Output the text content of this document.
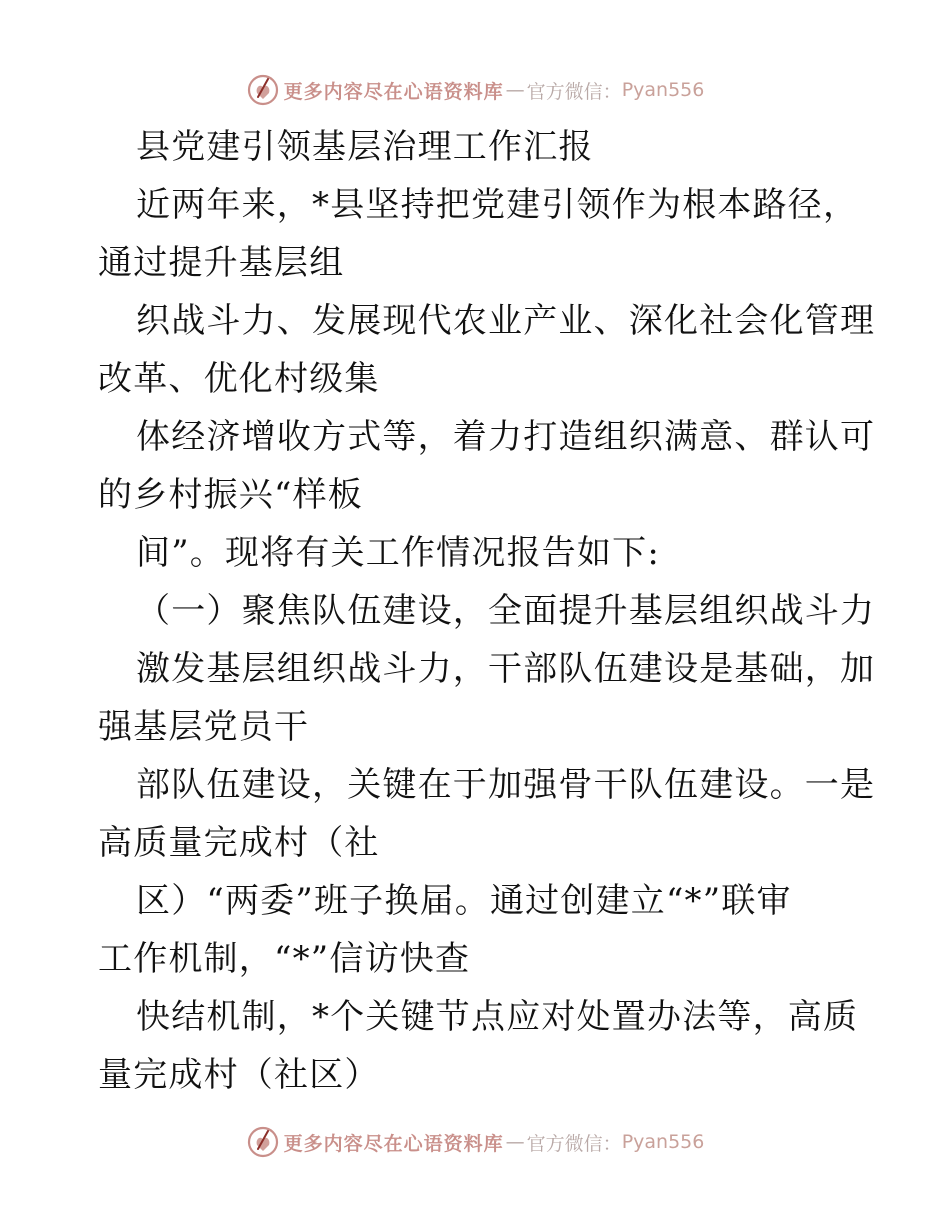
更多内容尽在心语资料库 — 官方微信： Pyan556
县党建引领基层治理工作汇报
近两年来，*县坚持把党建引领作为根本路径，
通过提升基层组
织战斗力、发展现代农业产业、深化社会化管理
改革、优化村级集
体经济增收方式等，着力打造组织满意、群认可
的乡村振兴“样板
间”。现将有关工作情况报告如下:
（一）聚焦队伍建设，全面提升基层组织战斗力
激发基层组织战斗力，干部队伍建设是基础，加
强基层党员干
部队伍建设，关键在于加强骨干队伍建设。一是
高质量完成村（社
区）“两委”班子换届。通过创建立“*”联审
工作机制，“*”信访快查
快结机制，*个关键节点应对处置办法等，高质
量完成村（社区）
更多内容尽在心语资料库 — 官方微信： Pyan556
